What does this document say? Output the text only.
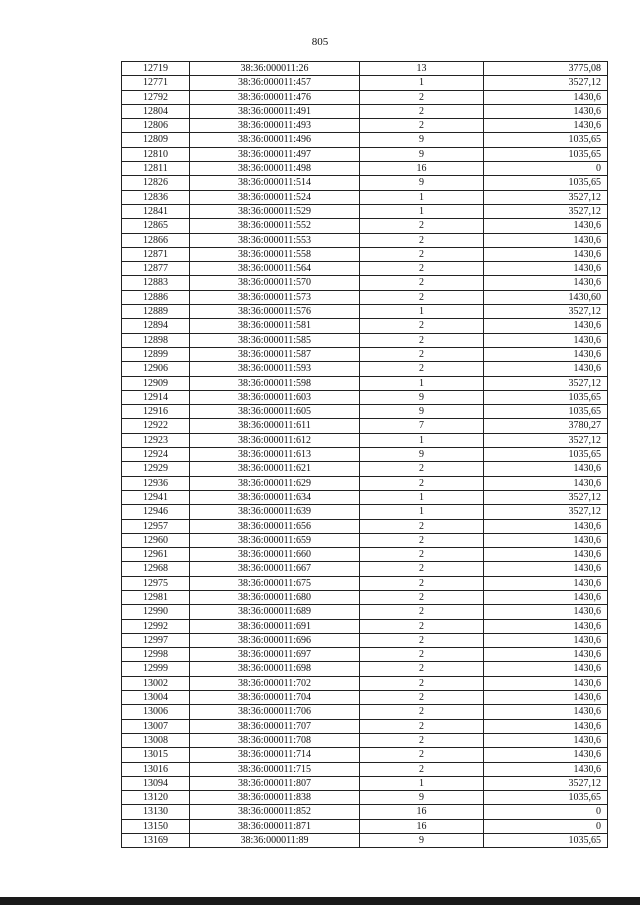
805
12719	38:36:000011:26	13	3775,08
12771	38:36:000011:457	1	3527,12
12792	38:36:000011:476	2	1430,6
12804	38:36:000011:491	2	1430,6
12806	38:36:000011:493	2	1430,6
12809	38:36:000011:496	9	1035,65
12810	38:36:000011:497	9	1035,65
12811	38:36:000011:498	16	0
12826	38:36:000011:514	9	1035,65
12836	38:36:000011:524	1	3527,12
12841	38:36:000011:529	1	3527,12
12865	38:36:000011:552	2	1430,6
12866	38:36:000011:553	2	1430,6
12871	38:36:000011:558	2	1430,6
12877	38:36:000011:564	2	1430,6
12883	38:36:000011:570	2	1430,6
12886	38:36:000011:573	2	1430,60
12889	38:36:000011:576	1	3527,12
12894	38:36:000011:581	2	1430,6
12898	38:36:000011:585	2	1430,6
12899	38:36:000011:587	2	1430,6
12906	38:36:000011:593	2	1430,6
12909	38:36:000011:598	1	3527,12
12914	38:36:000011:603	9	1035,65
12916	38:36:000011:605	9	1035,65
12922	38:36:000011:611	7	3780,27
12923	38:36:000011:612	1	3527,12
12924	38:36:000011:613	9	1035,65
12929	38:36:000011:621	2	1430,6
12936	38:36:000011:629	2	1430,6
12941	38:36:000011:634	1	3527,12
12946	38:36:000011:639	1	3527,12
12957	38:36:000011:656	2	1430,6
12960	38:36:000011:659	2	1430,6
12961	38:36:000011:660	2	1430,6
12968	38:36:000011:667	2	1430,6
12975	38:36:000011:675	2	1430,6
12981	38:36:000011:680	2	1430,6
12990	38:36:000011:689	2	1430,6
12992	38:36:000011:691	2	1430,6
12997	38:36:000011:696	2	1430,6
12998	38:36:000011:697	2	1430,6
12999	38:36:000011:698	2	1430,6
13002	38:36:000011:702	2	1430,6
13004	38:36:000011:704	2	1430,6
13006	38:36:000011:706	2	1430,6
13007	38:36:000011:707	2	1430,6
13008	38:36:000011:708	2	1430,6
13015	38:36:000011:714	2	1430,6
13016	38:36:000011:715	2	1430,6
13094	38:36:000011:807	1	3527,12
13120	38:36:000011:838	9	1035,65
13130	38:36:000011:852	16	0
13150	38:36:000011:871	16	0
13169	38:36:000011:89	9	1035,65
